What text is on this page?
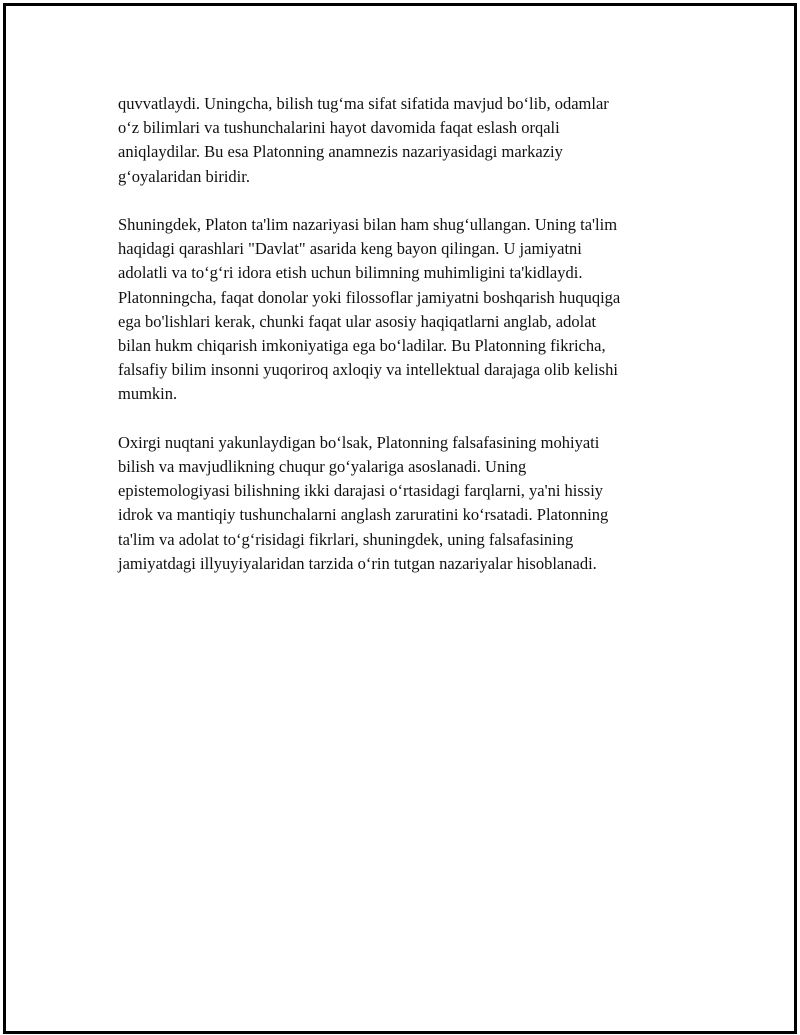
quvvatlaydi. Uningcha, bilish tug‘ma sifat sifatida mavjud bo‘lib, odamlar
o‘z bilimlari va tushunchalarini hayot davomida faqat eslash orqali
aniqlaydilar. Bu esa Platonning anamnezis nazariyasidagi markaziy
g‘oyalaridan biridir.

Shuningdek, Platon ta'lim nazariyasi bilan ham shug‘ullangan. Uning ta'lim
haqidagi qarashlari "Davlat" asarida keng bayon qilingan. U jamiyatni
adolatli va to‘g‘ri idora etish uchun bilimning muhimligini ta'kidlaydi.
Platonningcha, faqat donolar yoki filossoflar jamiyatni boshqarish huquqiga
ega bo'lishlari kerak, chunki faqat ular asosiy haqiqatlarni anglab, adolat
bilan hukm chiqarish imkoniyatiga ega bo‘ladilar. Bu Platonning fikricha,
falsafiy bilim insonni yuqoriroq axloqiy va intellektual darajaga olib kelishi
mumkin.

Oxirgi nuqtani yakunlaydigan bo‘lsak, Platonning falsafasining mohiyati
bilish va mavjudlikning chuqur go‘yalariga asoslanadi. Uning
epistemologiyasi bilishning ikki darajasi o‘rtasidagi farqlarni, ya'ni hissiy
idrok va mantiqiy tushunchalarni anglash zaruratini ko‘rsatadi. Platonning
ta'lim va adolat to‘g‘risidagi fikrlari, shuningdek, uning falsafasining
jamiyatdagi illyuyiyalaridan tarzida o‘rin tutgan nazariyalar hisoblanadi.
